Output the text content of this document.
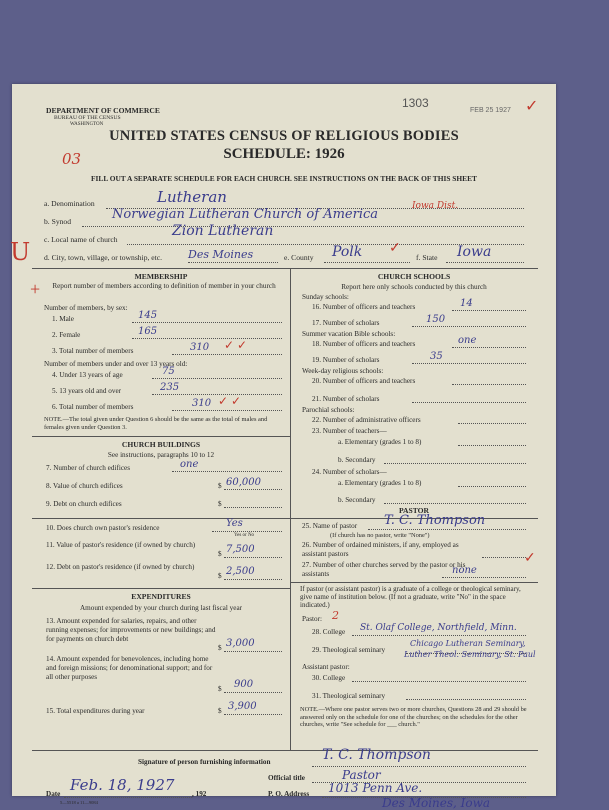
DEPARTMENT OF COMMERCE
BUREAU OF THE CENSUS
WASHINGTON
1303
FEB 25 1927 ✓
UNITED STATES CENSUS OF RELIGIOUS BODIES
SCHEDULE: 1926
03
FILL OUT A SEPARATE SCHEDULE FOR EACH CHURCH. SEE INSTRUCTIONS ON THE BACK OF THIS SHEET
a. Denomination	Lutheran
b. Synod	Norwegian Lutheran Church of America
Iowa Dist.
c. Local name of church
Zion Lutheran
U d. City, town, village, or township, etc. Des Moines	e. County Polk ✓
f. State Iowa
MEMBERSHIP
+	Report number of members according to definition of member in your church
Number of members, by sex:
1. Male	145
2. Female	165
3. Total number of members	310 ✓ ✓
Number of members under and over 13 years old:
4. Under 13 years of age	75
5. 13 years old and over	235
6. Total number of members	310 ✓ ✓
NOTE.—The total given under Question 6 should be the same as the total of males and females given under Question 3.
CHURCH BUILDINGS
See instructions, paragraphs 10 to 12
7. Number of church edifices	one
8. Value of church edifices	$ 60,000
9. Debt on church edifices	$
10. Does church own pastor's residence	Yes
Yes or No
11. Value of pastor's residence (if owned by church)
$ 7,500
12. Debt on pastor's residence (if owned by church)
$ 2,500
EXPENDITURES
Amount expended by your church during last fiscal year
13. Amount expended for salaries, repairs, and other running expenses; for improvements or new buildings; and for payments on church debt
$ 3,000
14. Amount expended for benevolences, including home and foreign missions; for denominational support; and for all other purposes
$ 900
15. Total expenditures during year	$ 3,900
CHURCH SCHOOLS
Report here only schools conducted by this church
Sunday schools:
16. Number of officers and teachers	14
17. Number of scholars	150
Summer vacation Bible schools:
18. Number of officers and teachers	one
19. Number of scholars	35
Week-day religious schools:
20. Number of officers and teachers
21. Number of scholars
Parochial schools:
22. Number of administrative officers
23. Number of teachers—
a. Elementary (grades 1 to 8)
b. Secondary
24. Number of scholars—
a. Elementary (grades 1 to 8)
b. Secondary
PASTOR
25. Name of pastor T. C. Thompson
(If church has no pastor, write "None")
26. Number of ordained ministers, if any, employed as assistant pastors
27. Number of other churches served by the pastor or his assistants	none
✓
If pastor (or assistant pastor) is a graduate of a college or theological seminary, give name of institution below. (If not a graduate, write "No" in the space indicated.)
Pastor: 2
28. College St. Olaf College, Northfield, Minn.
29. Theological seminary
Chicago Lutheran Seminary,
Luther Theol. Seminary, St. Paul
Assistant pastor:
30. College
31. Theological seminary
NOTE.—Where one pastor serves two or more churches, Questions 28 and 29 should be answered only on the schedule for one of the churches; on the schedules for the other churches, write "See schedule for ___ church."
Signature of person furnishing information	T. C. Thompson
Official title	Pastor
Date Feb. 18, 1927 , 192	P. O. Address 1013 Penn Ave.
Des Moines, Iowa
5—5518 a 11—9084
